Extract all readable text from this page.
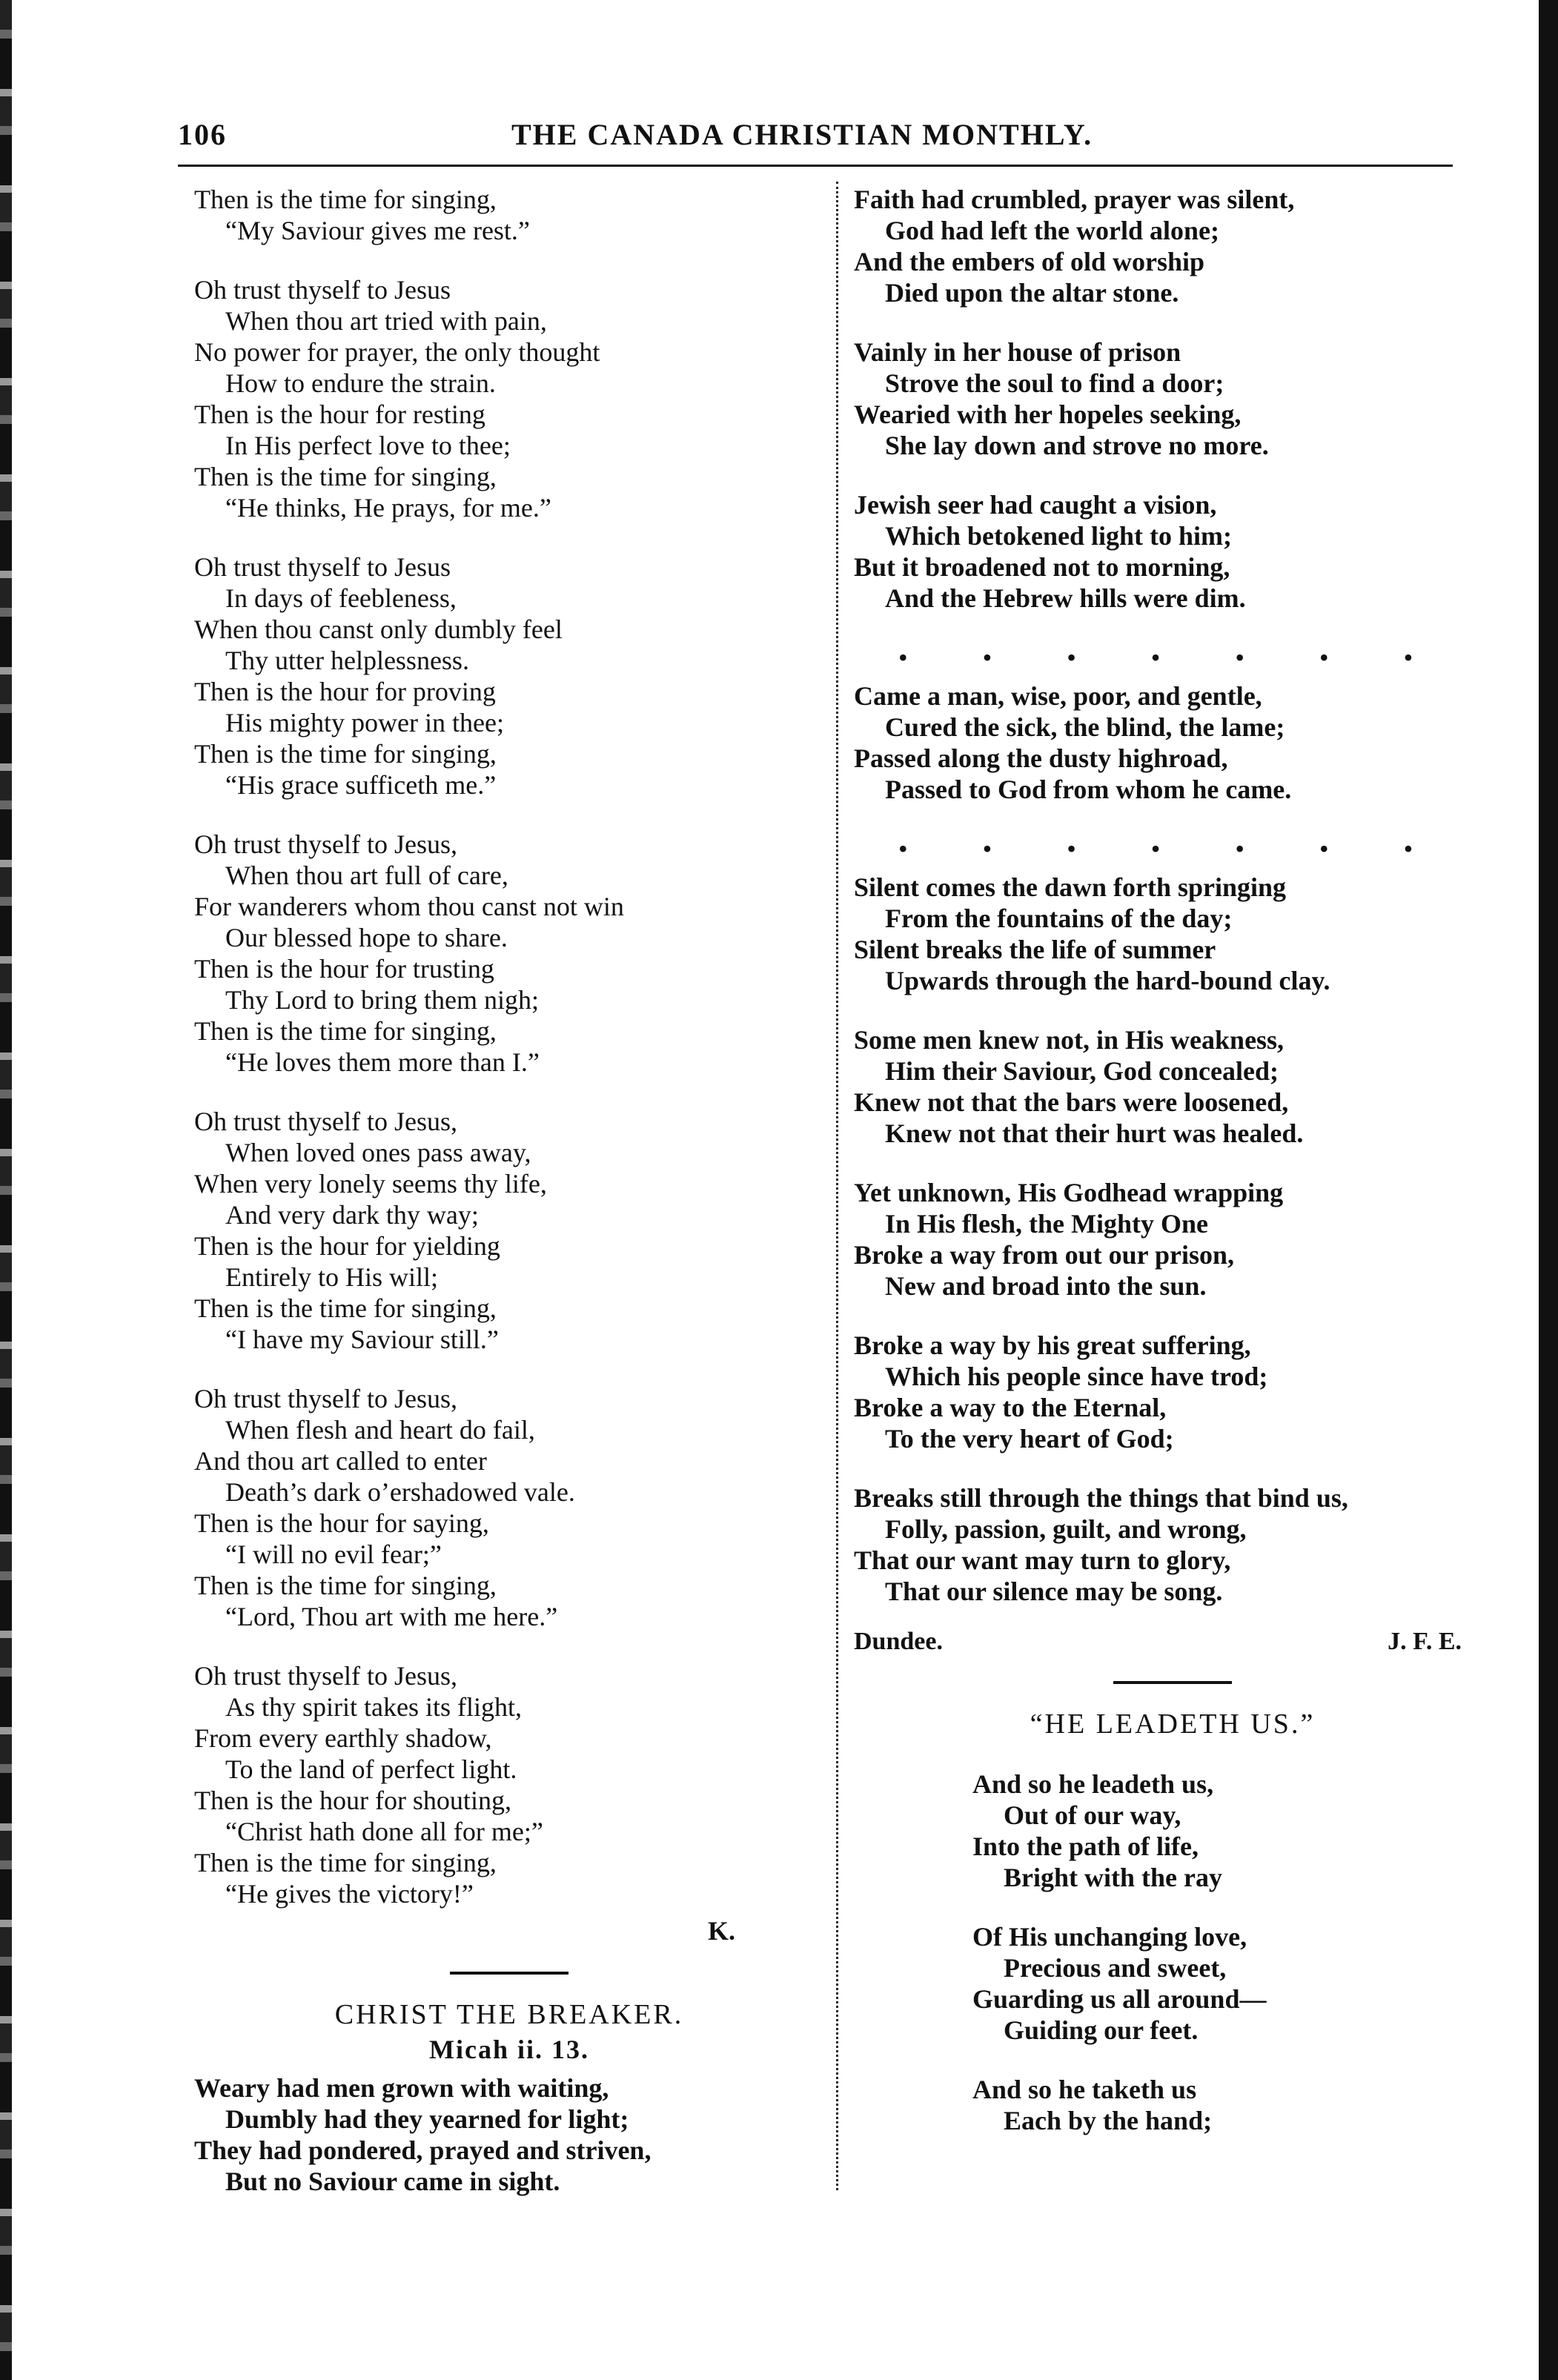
106	THE CANADA CHRISTIAN MONTHLY.
Then is the time for singing,
“My Saviour gives me rest.”
Oh trust thyself to Jesus
When thou art tried with pain,
No power for prayer, the only thought
How to endure the strain.
Then is the hour for resting
In His perfect love to thee;
Then is the time for singing,
“He thinks, He prays, for me.”
Oh trust thyself to Jesus
In days of feebleness,
When thou canst only dumbly feel
Thy utter helplessness.
Then is the hour for proving
His mighty power in thee;
Then is the time for singing,
“His grace sufficeth me.”
Oh trust thyself to Jesus,
When thou art full of care,
For wanderers whom thou canst not win
Our blessed hope to share.
Then is the hour for trusting
Thy Lord to bring them nigh;
Then is the time for singing,
“He loves them more than I.”
Oh trust thyself to Jesus,
When loved ones pass away,
When very lonely seems thy life,
And very dark thy way;
Then is the hour for yielding
Entirely to His will;
Then is the time for singing,
“I have my Saviour still.”
Oh trust thyself to Jesus,
When flesh and heart do fail,
And thou art called to enter
Death’s dark o’ershadowed vale.
Then is the hour for saying,
“I will no evil fear;”
Then is the time for singing,
“Lord, Thou art with me here.”
Oh trust thyself to Jesus,
As thy spirit takes its flight,
From every earthly shadow,
To the land of perfect light.
Then is the hour for shouting,
“Christ hath done all for me;”
Then is the time for singing,
“He gives the victory!”
K.
CHRIST THE BREAKER.
Micah ii. 13.
Weary had men grown with waiting,
Dumbly had they yearned for light;
They had pondered, prayed and striven,
But no Saviour came in sight.
Faith had crumbled, prayer was silent,
God had left the world alone;
And the embers of old worship
Died upon the altar stone.
Vainly in her house of prison
Strove the soul to find a door;
Wearied with her hopeles seeking,
She lay down and strove no more.
Jewish seer had caught a vision,
Which betokened light to him;
But it broadened not to morning,
And the Hebrew hills were dim.
• • • • • • •
Came a man, wise, poor, and gentle,
Cured the sick, the blind, the lame;
Passed along the dusty highroad,
Passed to God from whom he came.
• • • • • • •
Silent comes the dawn forth springing
From the fountains of the day;
Silent breaks the life of summer
Upwards through the hard-bound clay.
Some men knew not, in His weakness,
Him their Saviour, God concealed;
Knew not that the bars were loosened,
Knew not that their hurt was healed.
Yet unknown, His Godhead wrapping
In His flesh, the Mighty One
Broke a way from out our prison,
New and broad into the sun.
Broke a way by his great suffering,
Which his people since have trod;
Broke a way to the Eternal,
To the very heart of God;
Breaks still through the things that bind us,
Folly, passion, guilt, and wrong,
That our want may turn to glory,
That our silence may be song.
Dundee.	J. F. E.
“HE LEADETH US.”
And so he leadeth us,
Out of our way,
Into the path of life,
Bright with the ray
Of His unchanging love,
Precious and sweet,
Guarding us all around—
Guiding our feet.
And so he taketh us
Each by the hand;
